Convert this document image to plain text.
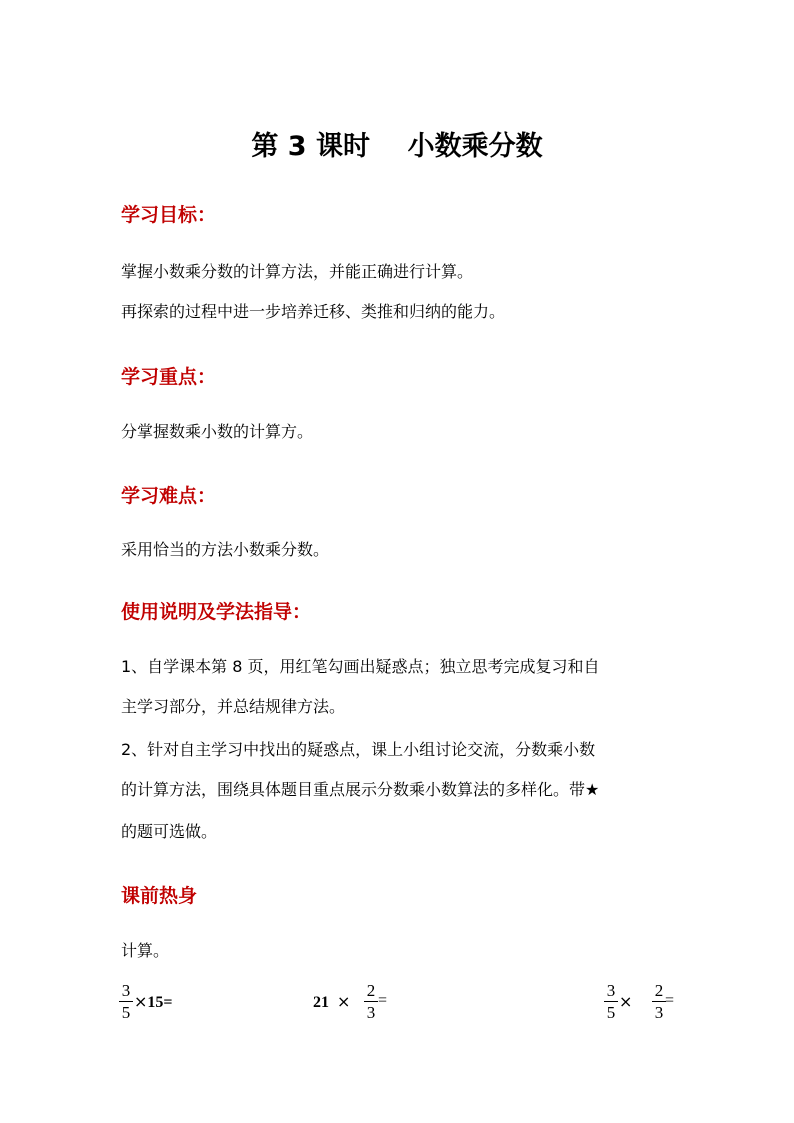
第 3 课时    小数乘分数
学习目标：
掌握小数乘分数的计算方法，并能正确进行计算。
再探索的过程中进一步培养迁移、类推和归纳的能力。
学习重点：
分掌握数乘小数的计算方。
学习难点：
采用恰当的方法小数乘分数。
使用说明及学法指导：
1、自学课本第 8 页，用红笔勾画出疑惑点；独立思考完成复习和自
主学习部分，并总结规律方法。
2、针对自主学习中找出的疑惑点，课上小组讨论交流，分数乘小数
的计算方法，围绕具体题目重点展示分数乘小数算法的多样化。带★
的题可选做。
课前热身
计算。
$\frac{3}{5} \times 15=$	$21 \times \frac{2}{3}$ =	$\frac{3}{5} \times \frac{2}{3}$ =
